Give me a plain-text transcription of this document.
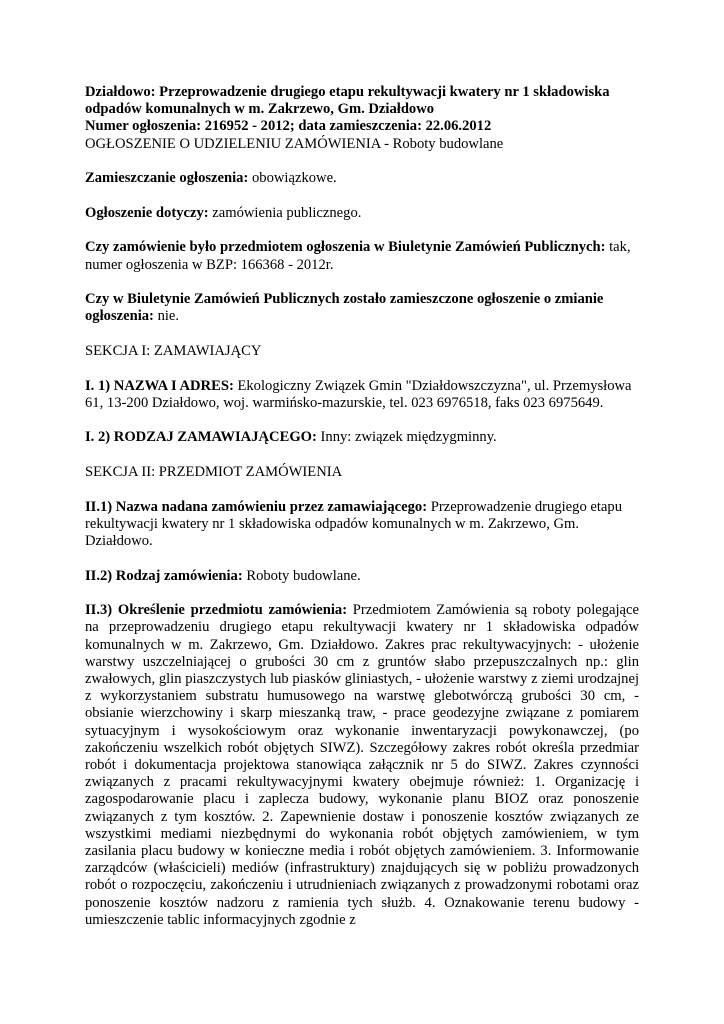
Działdowo: Przeprowadzenie drugiego etapu rekultywacji kwatery nr 1 składowiska odpadów komunalnych w m. Zakrzewo, Gm. Działdowo

Numer ogłoszenia: 216952 - 2012; data zamieszczenia: 22.06.2012

OGŁOSZENIE O UDZIELENIU ZAMÓWIENIA - Roboty budowlane

Zamieszczanie ogłoszenia: obowiązkowe.

Ogłoszenie dotyczy: zamówienia publicznego.

Czy zamówienie było przedmiotem ogłoszenia w Biuletynie Zamówień Publicznych: tak, numer ogłoszenia w BZP: 166368 - 2012r.

Czy w Biuletynie Zamówień Publicznych zostało zamieszczone ogłoszenie o zmianie ogłoszenia: nie.

SEKCJA I: ZAMAWIAJĄCY

I. 1) NAZWA I ADRES: Ekologiczny Związek Gmin "Działdowszczyzna", ul. Przemysłowa 61, 13-200 Działdowo, woj. warmińsko-mazurskie, tel. 023 6976518, faks 023 6975649.

I. 2) RODZAJ ZAMAWIAJĄCEGO: Inny: związek międzygminny.

SEKCJA II: PRZEDMIOT ZAMÓWIENIA

II.1) Nazwa nadana zamówieniu przez zamawiającego: Przeprowadzenie drugiego etapu rekultywacji kwatery nr 1 składowiska odpadów komunalnych w m. Zakrzewo, Gm. Działdowo.

II.2) Rodzaj zamówienia: Roboty budowlane.

II.3) Określenie przedmiotu zamówienia: Przedmiotem Zamówienia są roboty polegające na przeprowadzeniu drugiego etapu rekultywacji kwatery nr 1 składowiska odpadów komunalnych w m. Zakrzewo, Gm. Działdowo. Zakres prac rekultywacyjnych: - ułożenie warstwy uszczelniającej o grubości 30 cm z gruntów słabo przepuszczalnych np.: glin zwałowych, glin piaszczystych lub piasków gliniastych, - ułożenie warstwy z ziemi urodzajnej z wykorzystaniem substratu humusowego na warstwę glebotwórczą grubości 30 cm, - obsianie wierzchowiny i skarp mieszanką traw, - prace geodezyjne związane z pomiarem sytuacyjnym i wysokościowym oraz wykonanie inwentaryzacji powykonawczej, (po zakończeniu wszelkich robót objętych SIWZ). Szczegółowy zakres robót określa przedmiar robót i dokumentacja projektowa stanowiąca załącznik nr 5 do SIWZ. Zakres czynności związanych z pracami rekultywacyjnymi kwatery obejmuje również: 1. Organizację i zagospodarowanie placu i zaplecza budowy, wykonanie planu BIOZ oraz ponoszenie związanych z tym kosztów. 2. Zapewnienie dostaw i ponoszenie kosztów związanych ze wszystkimi mediami niezbędnymi do wykonania robót objętych zamówieniem, w tym zasilania placu budowy w konieczne media i robót objętych zamówieniem. 3. Informowanie zarządców (właścicieli) mediów (infrastruktury) znajdujących się w pobliżu prowadzonych robót o rozpoczęciu, zakończeniu i utrudnieniach związanych z prowadzonymi robotami oraz ponoszenie kosztów nadzoru z ramienia tych służb. 4. Oznakowanie terenu budowy - umieszczenie tablic informacyjnych zgodnie z
